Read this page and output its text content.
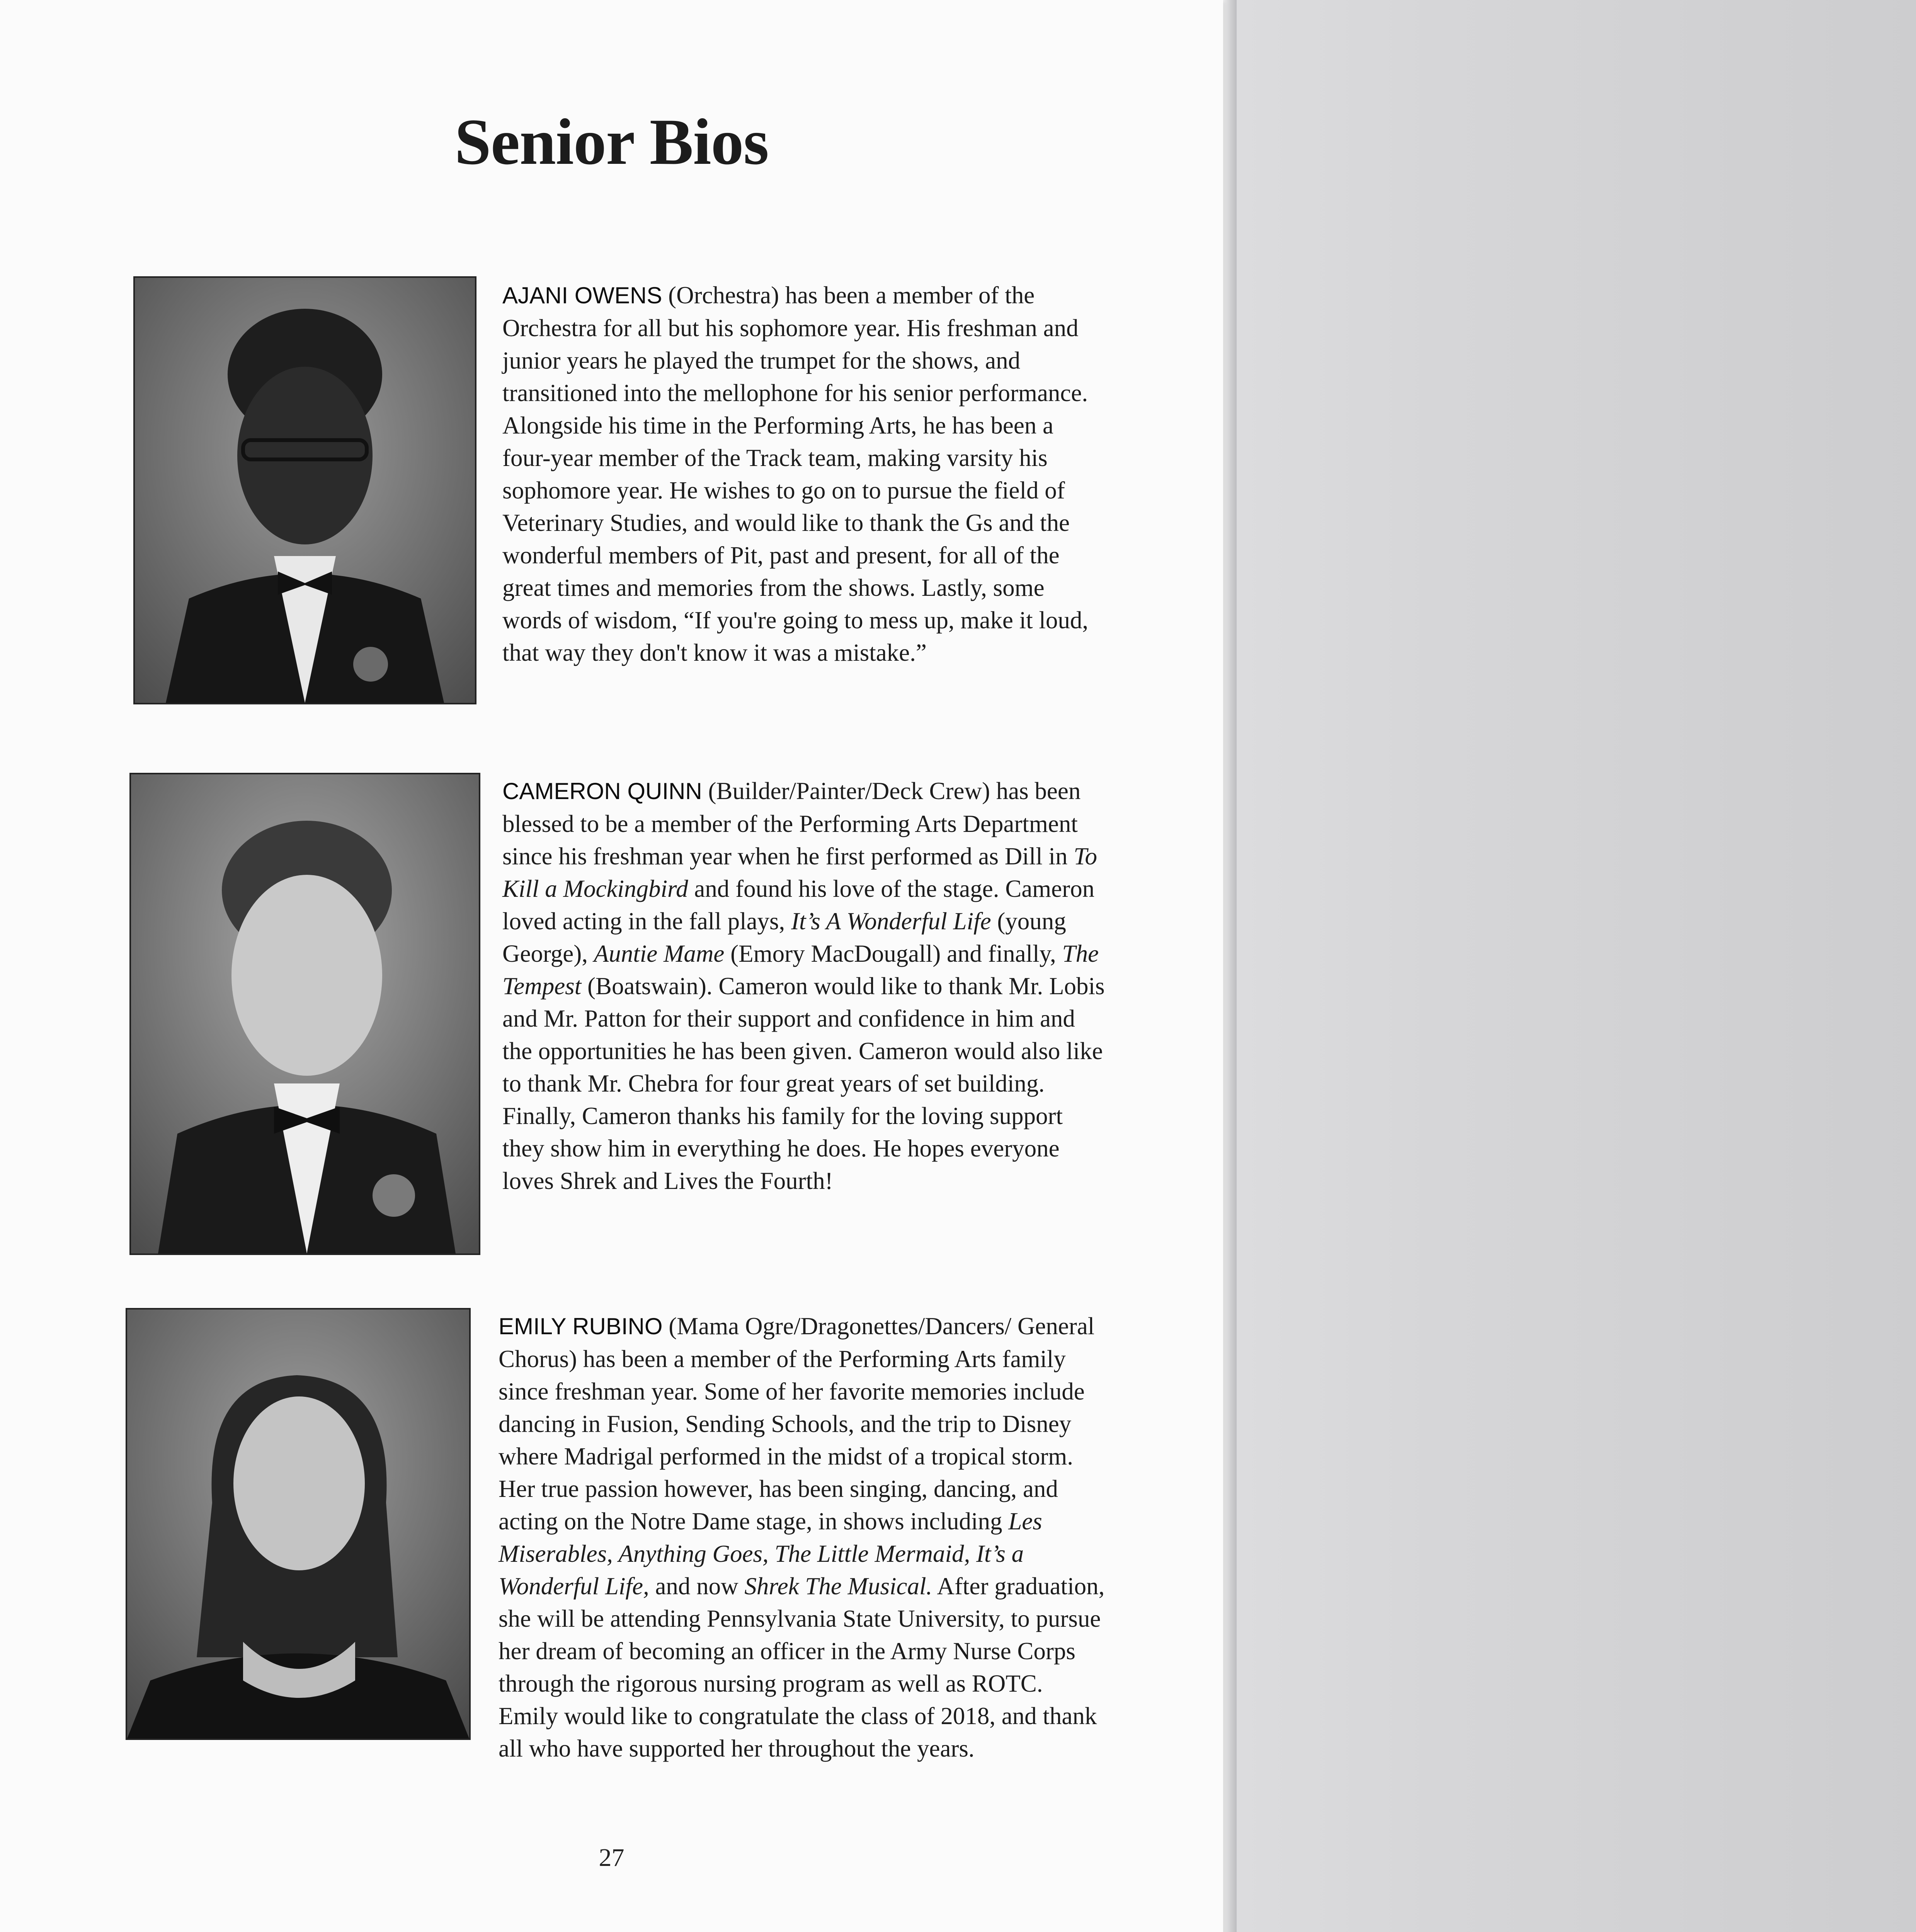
Senior Bios

AJANI OWENS (Orchestra) has been a member of the Orchestra for all but his sophomore year. His freshman and junior years he played the trumpet for the shows, and transitioned into the mellophone for his senior performance. Alongside his time in the Performing Arts, he has been a four-year member of the Track team, making varsity his sophomore year. He wishes to go on to pursue the field of Veterinary Studies, and would like to thank the Gs and the wonderful members of Pit, past and present, for all of the great times and memories from the shows. Lastly, some words of wisdom, “If you're going to mess up, make it loud, that way they don't know it was a mistake.”

CAMERON QUINN (Builder/Painter/Deck Crew) has been blessed to be a member of the Performing Arts Department since his freshman year when he first performed as Dill in To Kill a Mockingbird and found his love of the stage. Cameron loved acting in the fall plays, It’s A Wonderful Life (young George), Auntie Mame (Emory MacDougall) and finally, The Tempest (Boatswain). Cameron would like to thank Mr. Lobis and Mr. Patton for their support and confidence in him and the opportunities he has been given. Cameron would also like to thank Mr. Chebra for four great years of set building. Finally, Cameron thanks his family for the loving support they show him in everything he does. He hopes everyone loves Shrek and Lives the Fourth!

EMILY RUBINO (Mama Ogre/Dragonettes/Dancers/ General Chorus) has been a member of the Performing Arts family since freshman year. Some of her favorite memories include dancing in Fusion, Sending Schools, and the trip to Disney where Madrigal performed in the midst of a tropical storm. Her true passion however, has been singing, dancing, and acting on the Notre Dame stage, in shows including Les Miserables, Anything Goes, The Little Mermaid, It’s a Wonderful Life, and now Shrek The Musical. After graduation, she will be attending Pennsylvania State University, to pursue her dream of becoming an officer in the Army Nurse Corps through the rigorous nursing program as well as ROTC. Emily would like to congratulate the class of 2018, and thank all who have supported her throughout the years.

27
